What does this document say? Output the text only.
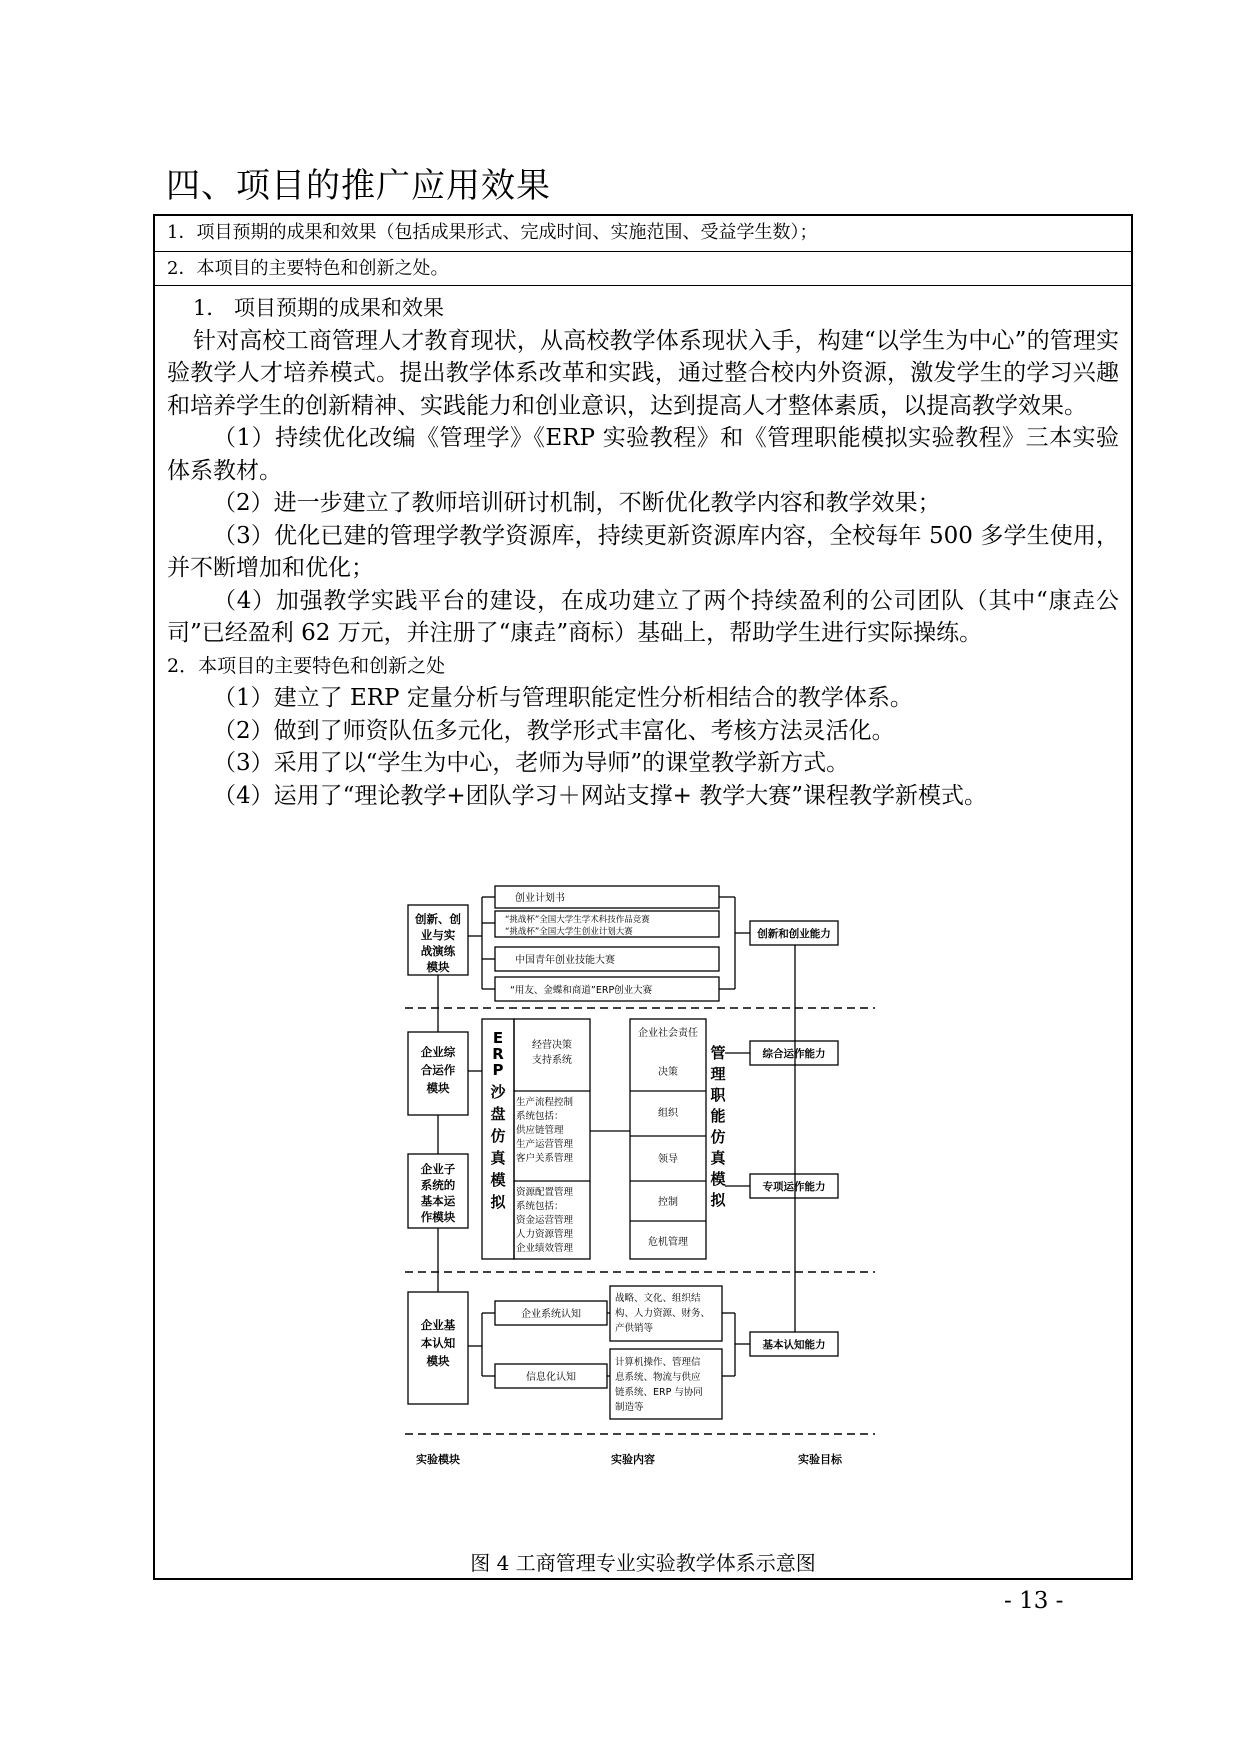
四、项目的推广应用效果
1．项目预期的成果和效果（包括成果形式、完成时间、实施范围、受益学生数）；
2．本项目的主要特色和创新之处。

1． 项目预期的成果和效果

针对高校工商管理人才教育现状，从高校教学体系现状入手，构建“以学生为中心”的管理实验教学人才培养模式。提出教学体系改革和实践，通过整合校内外资源，激发学生的学习兴趣和培养学生的创新精神、实践能力和创业意识，达到提高人才整体素质，以提高教学效果。

（1）持续优化改编《管理学》《ERP 实验教程》和《管理职能模拟实验教程》三本实验体系教材。

（2）进一步建立了教师培训研讨机制，不断优化教学内容和教学效果；

（3）优化已建的管理学教学资源库，持续更新资源库内容，全校每年 500 多学生使用，并不断增加和优化；

（4）加强教学实践平台的建设，在成功建立了两个持续盈利的公司团队（其中“康垚公司”已经盈利 62 万元，并注册了“康垚”商标）基础上，帮助学生进行实际操练。

2．本项目的主要特色和创新之处

（1）建立了 ERP 定量分析与管理职能定性分析相结合的教学体系。

（2）做到了师资队伍多元化，教学形式丰富化、考核方法灵活化。

（3）采用了以“学生为中心，老师为导师”的课堂教学新方式。

（4）运用了“理论教学+团队学习＋网站支撑+ 教学大赛”课程教学新模式。

创新、创
业与实
战演练
模块
企业综
合运作
模块
企业子
系统的
基本运
作模块
企业基
本认知
模块
创业计划书
“挑战杯”全国大学生学术科技作品竞赛
“挑战杯”全国大学生创业计划大赛
中国青年创业技能大赛
“用友、金蝶和商道”ERP创业大赛
E
R
P
沙
盘
仿
真
模
拟
经营决策
支持系统
生产流程控制
系统包括：
供应链管理
生产运营管理
客户关系管理
资源配置管理
系统包括：
资金运营管理
人力资源管理
企业绩效管理
企业社会责任
决策
组织
领导
控制
危机管理
管
理
职
能
仿
真
模
拟
企业系统认知
信息化认知
战略、文化、组织结
构、人力资源、财务、
产供销等
计算机操作、管理信
息系统、物流与供应
链系统、ERP 与协同
制造等
创新和创业能力
综合运作能力
专项运作能力
基本认知能力
实验模块	实验内容	实验目标
图 4 工商管理专业实验教学体系示意图
- 13 -
